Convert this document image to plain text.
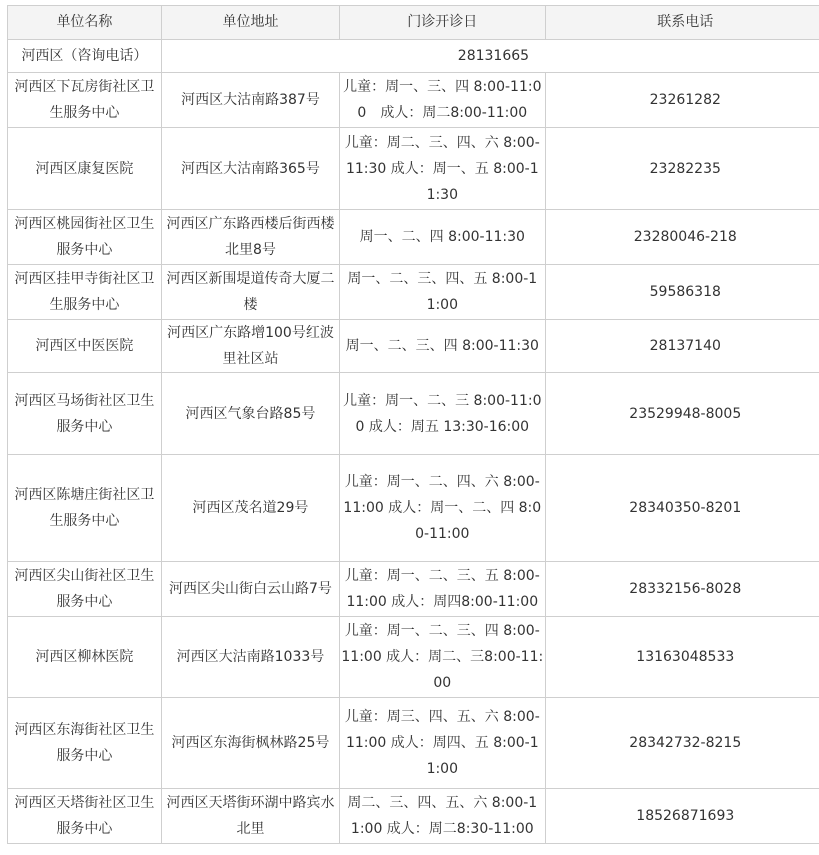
单位名称	单位地址	门诊开诊日	联系电话
河西区（咨询电话）	28131665		
河西区下瓦房街社区卫生服务中心	河西区大沽南路387号	儿童：周一、三、四 8:00-11:00　成人：周二8:00-11:00	23261282
河西区康复医院	河西区大沽南路365号	儿童：周二、三、四、六 8:00-11:30 成人：周一、五 8:00-11:30	23282235
河西区桃园街社区卫生服务中心	河西区广东路西楼后街西楼北里8号	周一、二、四 8:00-11:30	23280046-218
河西区挂甲寺街社区卫生服务中心	河西区新围堤道传奇大厦二楼	周一、二、三、四、五 8:00-11:00	59586318
河西区中医医院	河西区广东路增100号红波里社区站	周一、二、三、四 8:00-11:30	28137140
河西区马场街社区卫生服务中心	河西区气象台路85号	儿童：周一、二、三 8:00-11:00 成人：周五 13:30-16:00	23529948-8005
河西区陈塘庄街社区卫生服务中心	河西区茂名道29号	儿童：周一、二、四、六 8:00-11:00 成人：周一、二、四 8:00-11:00	28340350-8201
河西区尖山街社区卫生服务中心	河西区尖山街白云山路7号	儿童：周一、二、三、五 8:00-11:00 成人：周四8:00-11:00	28332156-8028
河西区柳林医院	河西区大沽南路1033号	儿童：周一、二、三、四 8:00-11:00 成人：周二、三8:00-11:00	13163048533
河西区东海街社区卫生服务中心	河西区东海街枫林路25号	儿童：周三、四、五、六 8:00-11:00 成人：周四、五 8:00-11:00	28342732-8215
河西区天塔街社区卫生服务中心	河西区天塔街环湖中路宾水北里	周二、三、四、五、六 8:00-11:00 成人：周二8:30-11:00	18526871693
